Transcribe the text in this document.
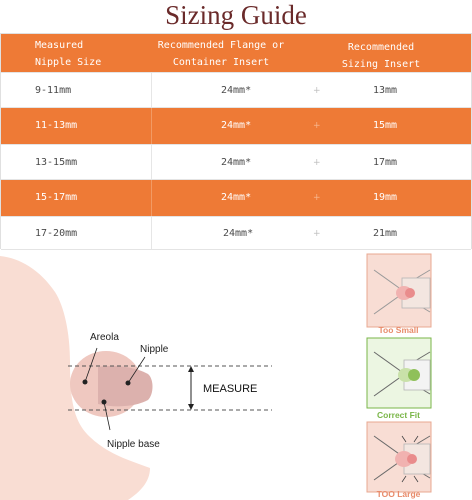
Sizing Guide
Measured
Nipple Size
Recommended Flange or
Container Insert
Recommended
Sizing Insert
9-11mm	24mm*	+	13mm
11-13mm	24mm*	+	15mm
13-15mm	24mm*	+	17mm
15-17mm	24mm*	+	19mm
17-20mm	24mm*	+	21mm
Areola
Nipple
Nipple base
MEASURE
Too Small
Correct Fit
TOO Large
